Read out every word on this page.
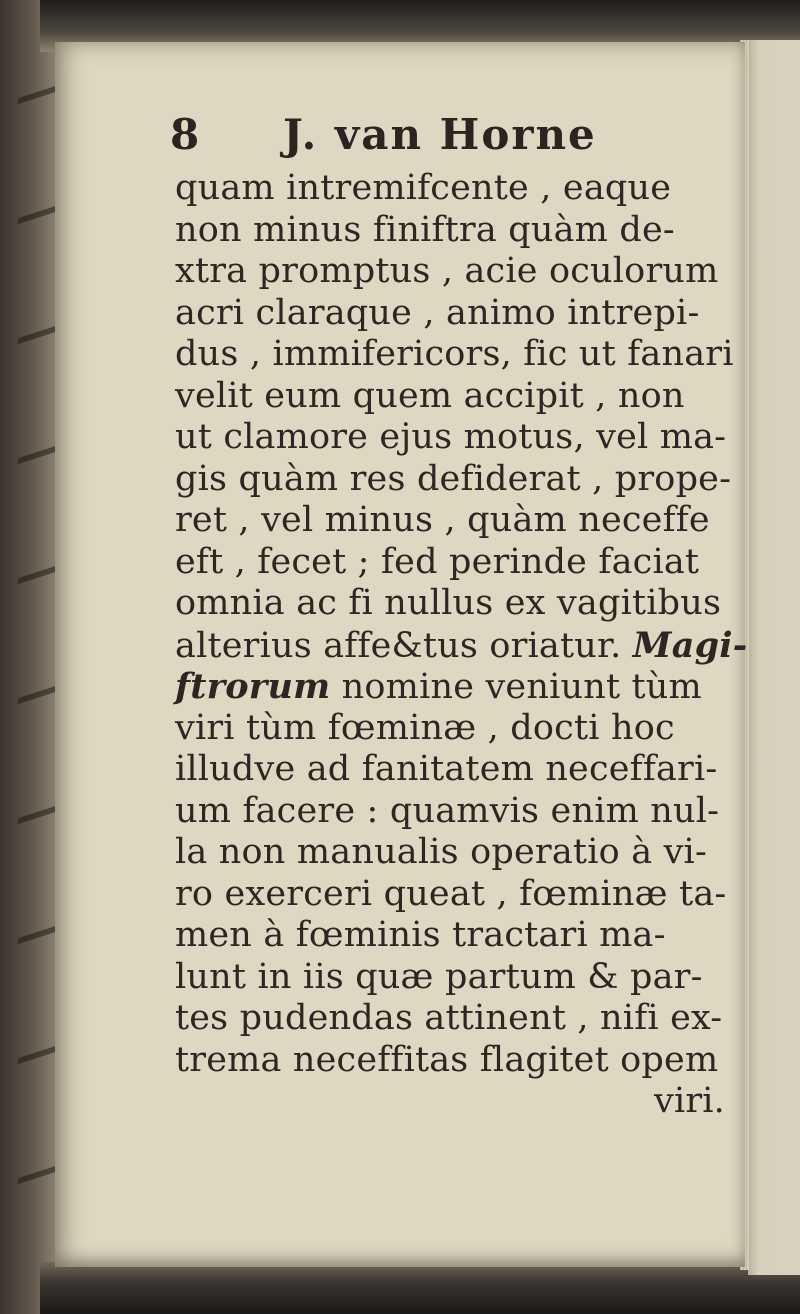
8 J. van Horne
quam intremifcente , eaque
non minus finiftra quàm de-
xtra promptus , acie oculorum
acri claraque , animo intrepi-
dus , immifericors, fic ut fanari
velit eum quem accipit , non
ut clamore ejus motus, vel ma-
gis quàm res defiderat , prope-
ret , vel minus , quàm neceffe
eft , fecet ; fed perinde faciat
omnia ac fi nullus ex vagitibus
alterius affe&tus oriatur. Magi-
ftrorum nomine veniunt tùm
viri tùm fœminæ , docti hoc
illudve ad fanitatem neceffari-
um facere : quamvis enim nul-
la non manualis operatio à vi-
ro exerceri queat , fœminæ ta-
men à fœminis tractari ma-
lunt in iis quæ partum & par-
tes pudendas attinent , nifi ex-
trema neceffitas flagitet opem
viri.
